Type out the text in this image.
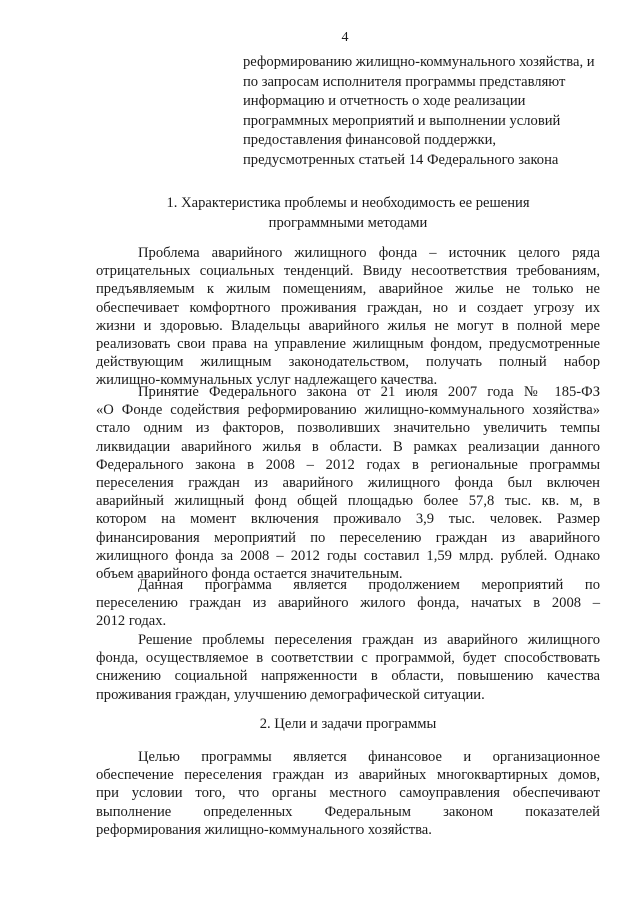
4
реформированию жилищно-коммунального хозяйства, и
по запросам исполнителя программы представляют
информацию и отчетность о ходе реализации
программных мероприятий и выполнении условий
предоставления финансовой поддержки,
предусмотренных статьей 14 Федерального закона
1. Характеристика проблемы и необходимость ее решения
программными методами
Проблема аварийного жилищного фонда – источник целого ряда
отрицательных социальных тенденций. Ввиду несоответствия требованиям,
предъявляемым к жилым помещениям, аварийное жилье не только не
обеспечивает комфортного проживания граждан, но и создает угрозу их
жизни и здоровью. Владельцы аварийного жилья не могут в полной мере
реализовать свои права на управление жилищным фондом, предусмотренные
действующим жилищным законодательством, получать полный набор
жилищно-коммунальных услуг надлежащего качества.
Принятие Федерального закона от 21 июля 2007 года № 185-ФЗ
«О Фонде содействия реформированию жилищно-коммунального хозяйства»
стало одним из факторов, позволивших значительно увеличить темпы
ликвидации аварийного жилья в области. В рамках реализации данного
Федерального закона в 2008 – 2012 годах в региональные программы
переселения граждан из аварийного жилищного фонда был включен
аварийный жилищный фонд общей площадью более 57,8 тыс. кв. м, в
котором на момент включения проживало 3,9 тыс. человек. Размер
финансирования мероприятий по переселению граждан из аварийного
жилищного фонда за 2008 – 2012 годы составил 1,59 млрд. рублей. Однако
объем аварийного фонда остается значительным.
Данная программа является продолжением мероприятий по
переселению граждан из аварийного жилого фонда, начатых в 2008 –
2012 годах.
Решение проблемы переселения граждан из аварийного жилищного
фонда, осуществляемое в соответствии с программой, будет способствовать
снижению социальной напряженности в области, повышению качества
проживания граждан, улучшению демографической ситуации.
2. Цели и задачи программы
Целью программы является финансовое и организационное
обеспечение переселения граждан из аварийных многоквартирных домов,
при условии того, что органы местного самоуправления обеспечивают
выполнение определенных Федеральным законом показателей
реформирования жилищно-коммунального хозяйства.
